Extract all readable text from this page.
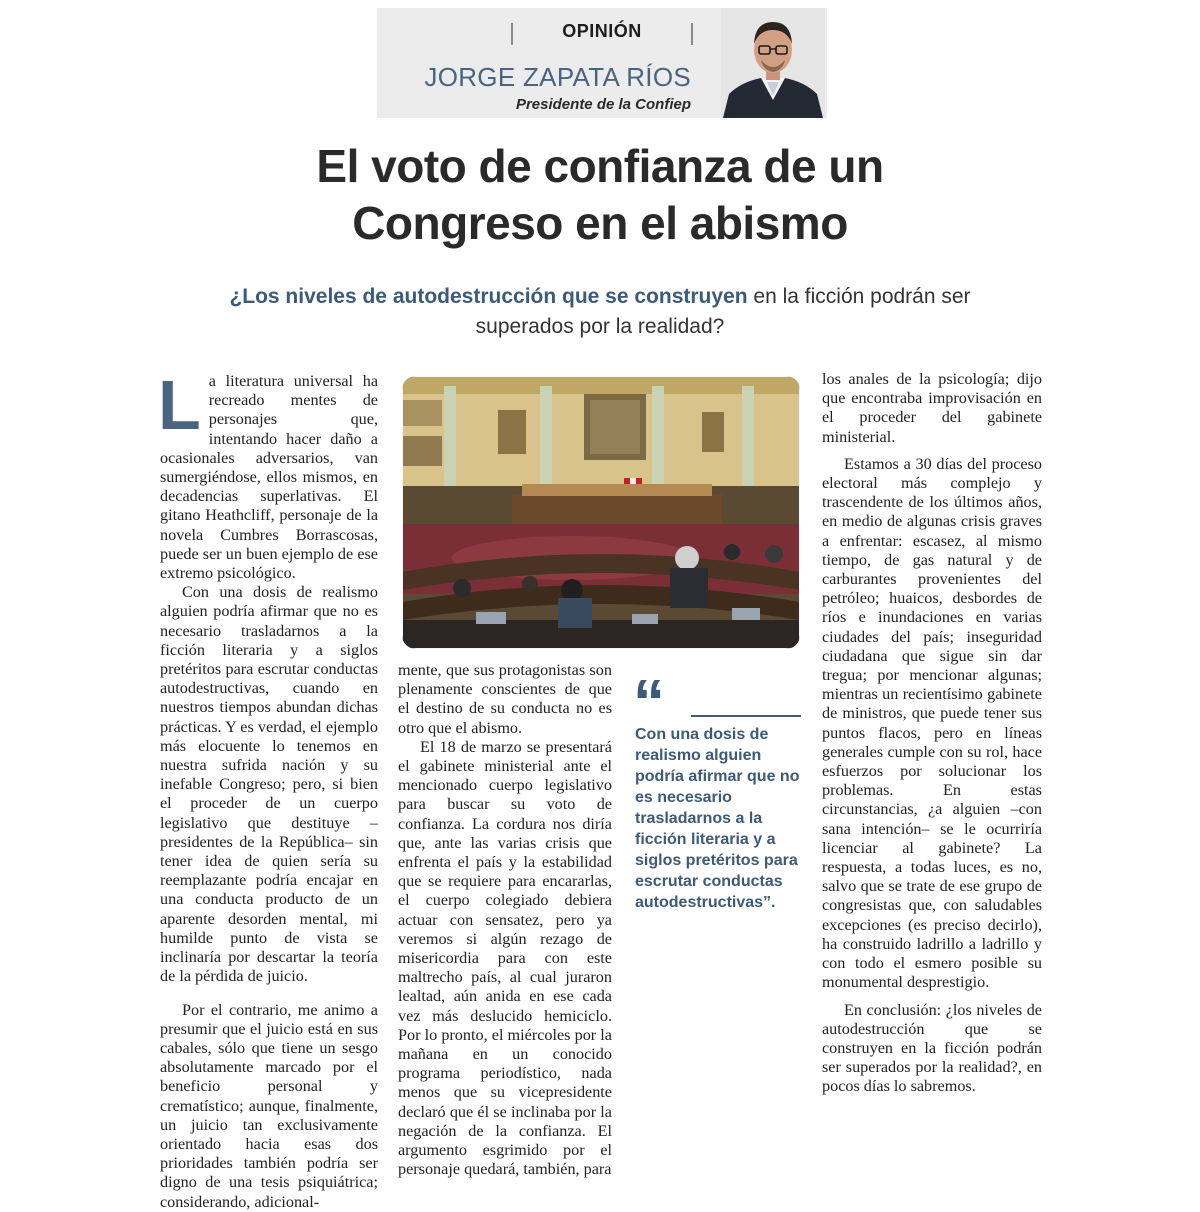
OPINIÓN
JORGE ZAPATA RÍOS
Presidente de la Confiep
El voto de confianza de un
Congreso en el abismo
¿Los niveles de autodestrucción que se construyen en la ficción podrán ser
superados por la realidad?

La literatura universal ha recreado mentes de personajes que, intentando hacer daño a ocasionales adversarios, van sumergiéndose, ellos mismos, en decadencias superlativas. El gitano Heathcliff, personaje de la novela Cumbres Borrascosas, puede ser un buen ejemplo de ese extremo psicológico.

Con una dosis de realismo alguien podría afirmar que no es necesario trasladarnos a la ficción literaria y a siglos pretéritos para escrutar conductas autodestructivas, cuando en nuestros tiempos abundan dichas prácticas. Y es verdad, el ejemplo más elocuente lo tenemos en nuestra sufrida nación y su inefable Congreso; pero, si bien el proceder de un cuerpo legislativo que destituye –presidentes de la República– sin tener idea de quien sería su reemplazante podría encajar en una conducta producto de un aparente desorden mental, mi humilde punto de vista se inclinaría por descartar la teoría de la pérdida de juicio.

Por el contrario, me animo a presumir que el juicio está en sus cabales, sólo que tiene un sesgo absolutamente marcado por el beneficio personal y crematístico; aunque, finalmente, un juicio tan exclusivamente orientado hacia esas dos prioridades también podría ser digno de una tesis psiquiátrica; considerando, adicional-

mente, que sus protagonistas son plenamente conscientes de que el destino de su conducta no es otro que el abismo.

El 18 de marzo se presentará el gabinete ministerial ante el mencionado cuerpo legislativo para buscar su voto de confianza. La cordura nos diría que, ante las varias crisis que enfrenta el país y la estabilidad que se requiere para encararlas, el cuerpo colegiado debiera actuar con sensatez, pero ya veremos si algún rezago de misericordia para con este maltrecho país, al cual juraron lealtad, aún anida en ese cada vez más deslucido hemiciclo. Por lo pronto, el miércoles por la mañana en un conocido programa periodístico, nada menos que su vicepresidente declaró que él se inclinaba por la negación de la confianza. El argumento esgrimido por el personaje quedará, también, para

“
Con una dosis de realismo alguien podría afirmar que no es necesario trasladarnos a la ficción literaria y a siglos pretéritos para escrutar conductas autodestructivas”.

los anales de la psicología; dijo que encontraba improvisación en el proceder del gabinete ministerial.

Estamos a 30 días del proceso electoral más complejo y trascendente de los últimos años, en medio de algunas crisis graves a enfrentar: escasez, al mismo tiempo, de gas natural y de carburantes provenientes del petróleo; huaicos, desbordes de ríos e inundaciones en varias ciudades del país; inseguridad ciudadana que sigue sin dar tregua; por mencionar algunas; mientras un recientísimo gabinete de ministros, que puede tener sus puntos flacos, pero en líneas generales cumple con su rol, hace esfuerzos por solucionar los problemas. En estas circunstancias, ¿a alguien –con sana intención– se le ocurriría licenciar al gabinete? La respuesta, a todas luces, es no, salvo que se trate de ese grupo de congresistas que, con saludables excepciones (es preciso decirlo), ha construido ladrillo a ladrillo y con todo el esmero posible su monumental desprestigio.

En conclusión: ¿los niveles de autodestrucción que se construyen en la ficción podrán ser superados por la realidad?, en pocos días lo sabremos.
